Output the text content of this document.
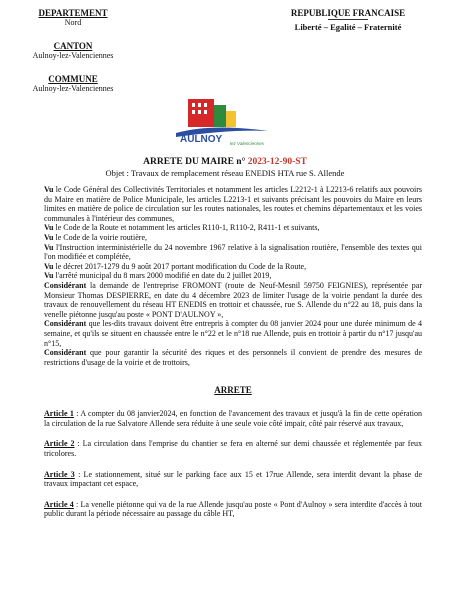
DEPARTEMENT

Nord

CANTON

Aulnoy-lez-Valenciennes

COMMUNE

Aulnoy-lez-Valenciennes

REPUBLIQUE FRANCAISE

Liberté – Egalité – Fraternité
AULNOY lez Valenciennes
ARRETE DU MAIRE n° 2023-12-90-ST
Objet : Travaux de remplacement réseau ENEDIS HTA rue S. Allende

Vu le Code Général des Collectivités Territoriales et notamment les articles L2212-1 à L2213-6 relatifs aux pouvoirs du Maire en matière de Police Municipale, les articles L2213-1 et suivants précisant les pouvoirs du Maire en leurs limites en matière de police de circulation sur les routes nationales, les routes et chemins départementaux et les voies communales à l'intérieur des communes,

Vu le Code de la Route et notamment les articles R110-1, R110-2, R411-1 et suivants,

Vu le Code de la voirie routière,

Vu l'Instruction interministérielle du 24 novembre 1967 relative à la signalisation routière, l'ensemble des textes qui l'on modifiée et complétée,

Vu le décret 2017-1279 du 9 août 2017 portant modification du Code de la Route,

Vu l'arrêté municipal du 8 mars 2000 modifié en date du 2 juillet 2019,

Considérant la demande de l'entreprise FROMONT (route de Neuf-Mesnil 59750 FEIGNIES), représentée par Monsieur Thomas DESPIERRE, en date du 4 décembre 2023 de limiter l'usage de la voirie pendant la durée des travaux de renouvellement du réseau HT ENEDIS en trottoir et chaussée, rue S. Allende du n°22 au 18, puis dans la venelle piétonne jusqu'au poste « PONT D'AULNOY »,

Considérant que les-dits travaux doivent être entrepris à compter du 08 janvier 2024 pour une durée minimum de 4 semaine, et qu'ils se situent en chaussée entre le n°22 et le n°18 rue Allende, puis en trottoir à partir du n°17 jusqu'au n°15,

Considérant que pour garantir la sécurité des riques et des personnels il convient de prendre des mesures de restrictions d'usage de la voirie et de trottoirs,

ARRETE

Article 1 : A compter du 08 janvier2024, en fonction de l'avancement des travaux et jusqu'à la fin de cette opération la circulation de la rue Salvatore Allende sera réduite à une seule voie côté impair, côté pair réservé aux travaux,

Article 2 : La circulation dans l'emprise du chantier se fera en alterné sur demi chaussée et réglementée par feux tricolores.

Article 3 : Le stationnement, situé sur le parking face aux 15 et 17rue Allende, sera interdit devant la phase de travaux impactant cet espace,

Article 4 : La venelle piétonne qui va de la rue Allende jusqu'au poste « Pont d'Aulnoy » sera interdite d'accès à tout public durant la période nécessaire au passage du câble HT,
